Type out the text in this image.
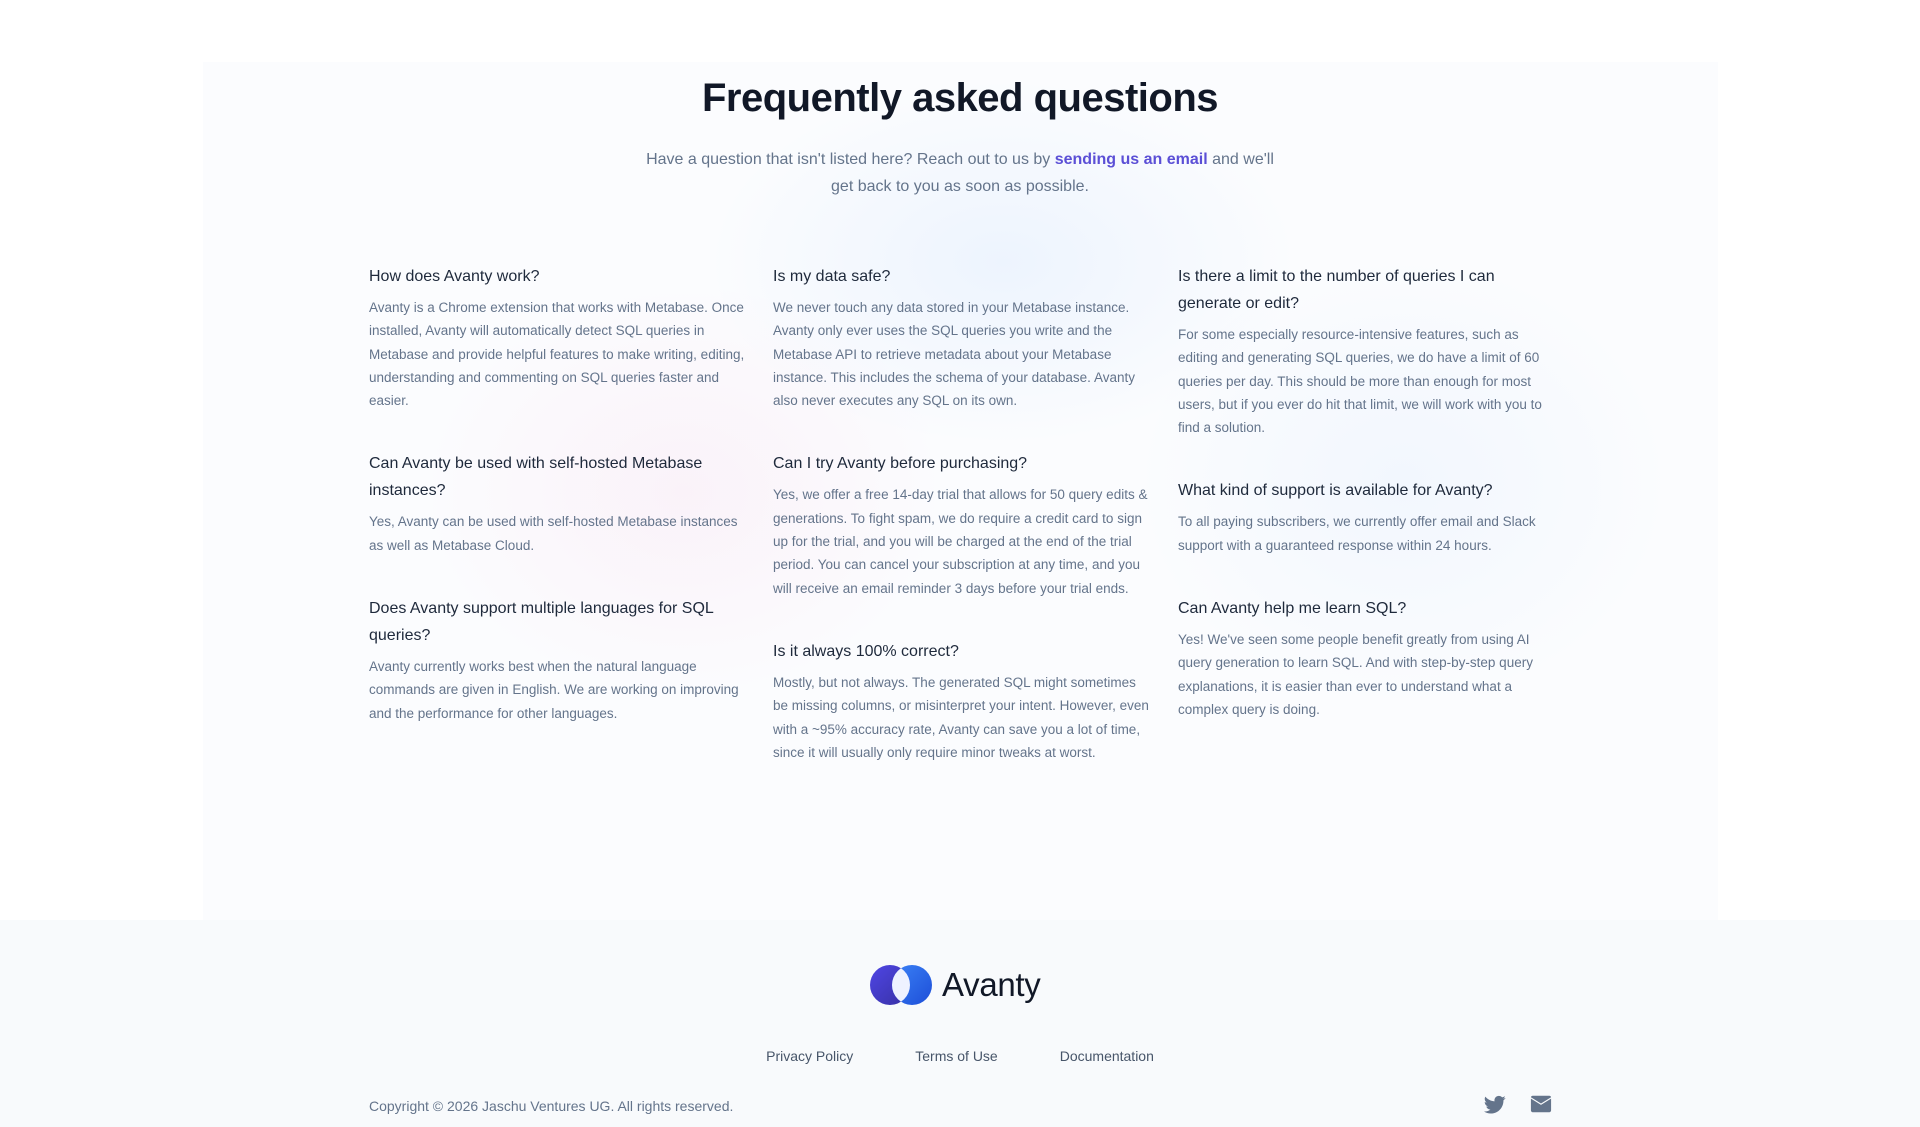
Frequently asked questions
Have a question that isn't listed here? Reach out to us by sending us an email and we'll get back to you as soon as possible.
How does Avanty work?

Avanty is a Chrome extension that works with Metabase. Once installed, Avanty will automatically detect SQL queries in Metabase and provide helpful features to make writing, editing, understanding and commenting on SQL queries faster and easier.

Can Avanty be used with self-hosted Metabase instances?

Yes, Avanty can be used with self-hosted Metabase instances as well as Metabase Cloud.

Does Avanty support multiple languages for SQL queries?

Avanty currently works best when the natural language commands are given in English. We are working on improving and the performance for other languages.

Is my data safe?

We never touch any data stored in your Metabase instance. Avanty only ever uses the SQL queries you write and the Metabase API to retrieve metadata about your Metabase instance. This includes the schema of your database. Avanty also never executes any SQL on its own.

Can I try Avanty before purchasing?

Yes, we offer a free 14-day trial that allows for 50 query edits & generations. To fight spam, we do require a credit card to sign up for the trial, and you will be charged at the end of the trial period. You can cancel your subscription at any time, and you will receive an email reminder 3 days before your trial ends.

Is it always 100% correct?

Mostly, but not always. The generated SQL might sometimes be missing columns, or misinterpret your intent. However, even with a ~95% accuracy rate, Avanty can save you a lot of time, since it will usually only require minor tweaks at worst.

Is there a limit to the number of queries I can generate or edit?

For some especially resource-intensive features, such as editing and generating SQL queries, we do have a limit of 60 queries per day. This should be more than enough for most users, but if you ever do hit that limit, we will work with you to find a solution.

What kind of support is available for Avanty?

To all paying subscribers, we currently offer email and Slack support with a guaranteed response within 24 hours.

Can Avanty help me learn SQL?

Yes! We've seen some people benefit greatly from using AI query generation to learn SQL. And with step-by-step query explanations, it is easier than ever to understand what a complex query is doing.

Avanty
Privacy Policy	Terms of Use	Documentation
Copyright © 2026 Jaschu Ventures UG. All rights reserved.
